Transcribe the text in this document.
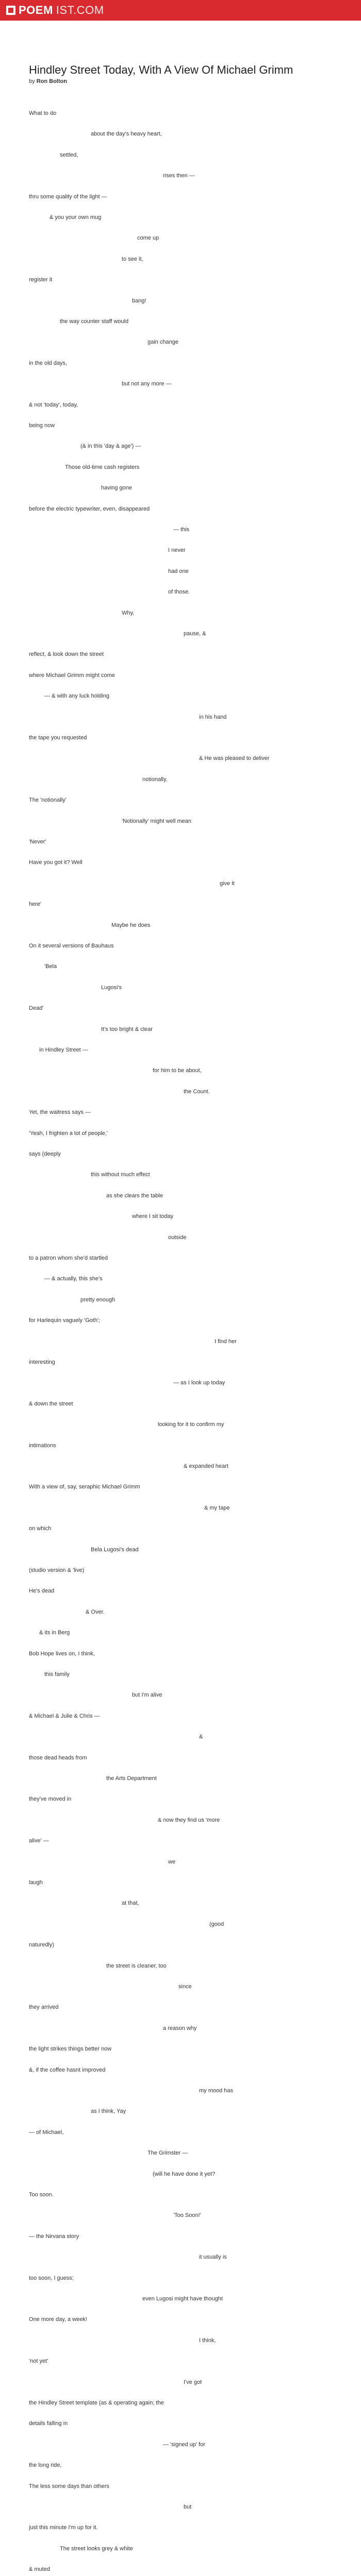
POEM IST.COM
Hindley Street Today, With A View Of Michael Grimm
by Ron Bolton
What to do
about the day's heavy heart,
settled,
rises then —
thru some quality of the light —
& you your own mug
come up
to see it,
register it
bang!
the way counter staff would
gain change
in the old days,
but not any more —
& not 'today', today,
being now
(& in this 'day & age') —
Those old-time cash registers
having gone
before the electric typewriter, even, disappeared
— this
I never
had one
of those.
Why,
pause, &
reflect, & look down the street
where Michael Grimm might come
— & with any luck holding
in his hand
the tape you requested
& He was pleased to deliver
notionally.
The 'notionally'
'Notionally' might well mean
'Never'
Have you got it? Well
give it
here'
Maybe he does
On it several versions of Bauhaus
'Bela
Lugosi's
Dead'
It's too bright & clear
in Hindley Street —
for him to be about,
the Count.
Yet, the waitress says —
'Yeah, I frighten a lot of people,'
says (deeply
this without much effect
as she clears the table
where I sit today
outside
to a patron whom she'd startled
— & actually, this she's
pretty enough
for Harlequin vaguely 'Goth';
I find her
interesting
— as I look up today
& down the street
looking for it to confirm my
intimations
& expanded heart
With a view of, say, seraphic Michael Grimm
& my tape
on which
Bela Lugosi's dead
(studio version & 'live)
He's dead
& Over.
& its in Berg
Bob Hope lives on, I think,
this family
but I'm alive
& Michael & Julie & Chris —
&
those dead heads from
the Arts Department
they've moved in
& now they find us 'more
alive' —
we
laugh
at that,
(good
naturedly)
the street is cleaner, too
since
they arrived
a reason why
the light strikes things better now
&, if the coffee hasnt improved
my mood has
as I think, Yay
— of Michael,
The Grimster —
(will he have done it yet?
Too soon.
'Too Soon!'
— the Nirvana story
it usually is
too soon, I guess;
even Lugosi might have thought
One more day, a week!
I think,
'not yet'
I've got
the Hindley Street template (as & operating again; the
details falling in
— 'signed up' for
the long ride,
The less some days than others
but
just this minute I'm up for it.
The street looks grey & white
& muted
